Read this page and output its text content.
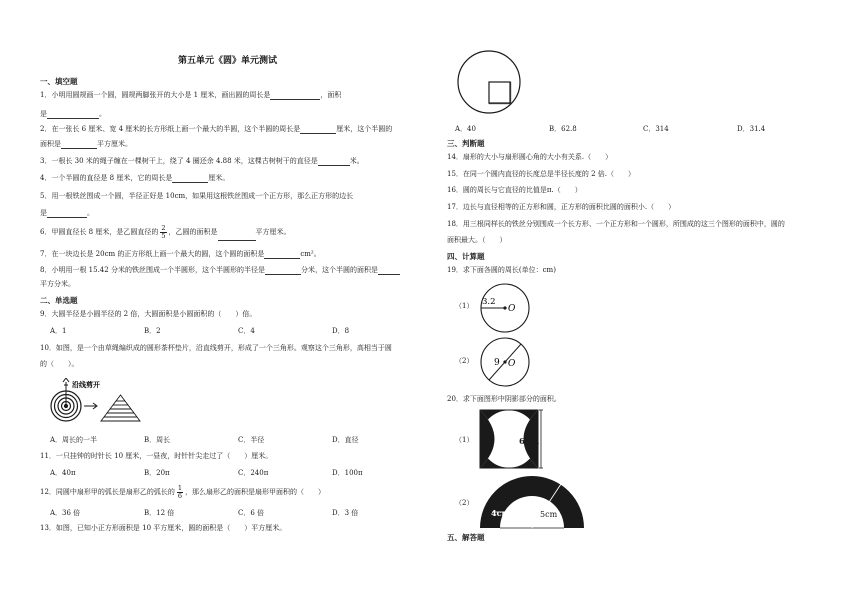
第五单元《圆》单元测试
一、填空题
1．小明用圆规画一个圆，圆规两脚张开的大小是 1 厘米，画出圆的周长是	，面积
是	。
2．在一张长 6 厘米、宽 4 厘米的长方形纸上画一个最大的半圆，这个半圆的周长是	厘米，这个半圆的
面积是	平方厘米。
3．一根长 30 米的绳子缠在一棵树干上，绕了 4 圈还余 4.88 米，这棵古树树干的直径是	米。
4．一个半圆的直径是 8 厘米，它的周长是	厘米。
5．用一根铁丝围成一个圆，半径正好是 10cm，如果用这根铁丝围成一个正方形，那么正方形的边长
是	。
6．甲圆直径长 8 厘米，是乙圆直径的 $\frac{2}{5}$ ，乙圆的面积是	平方厘米。
7．在一块边长是 20cm 的正方形纸上画一个最大的圆，这个圆的面积是	cm²。
8．小明用一根 15.42 分米的铁丝围成一个半圆形，这个半圆形的半径是	分米，这个半圆的面积是
平方分米。
二、单选题
9．大圆半径是小圆半径的 2 倍，大圆面积是小圆面积的（　　）倍。
A．1	B．2	C．4	D．8
10．如图，是一个由草绳编织成的圆形茶杯垫片，沿直线剪开，形成了一个三角形。观察这个三角形，高相当于圆
的（　　）。
沿线剪开
A．周长的一半	B．周长	C．半径	D．直径
11．一只挂钟的时针长 10 厘米，一昼夜，时针针尖走过了（　　）厘米。
A．40π	B．20π	C．240π	D．100π
12．同圆中扇形甲的弧长是扇形乙的弧长的 $\frac{1}{6}$ ，那么扇形乙的面积是扇形甲面积的（　　）
A．36 倍	B．12 倍	C．6 倍	D．3 倍
13．如图，已知小正方形面积是 10 平方厘米，圆的面积是（　　）平方厘米。
A．40	B．62.8	C．314	D．31.4
三、判断题
14．扇形的大小与扇形圆心角的大小有关系.（　　）
15．在同一个圆内直径的长度总是半径长度的 2 倍.（　　）
16．圆的周长与它直径的比值是π.（　　）
17．边长与直径相等的正方形和圆，正方形的面积比圆的面积小.（　　）
18．用三根同样长的铁丝分别围成一个长方形、一个正方形和一个圆形，所围成的这三个图形的面积中，圆的
面积最大。（　　）
四、计算题
19．求下面各圆的周长(单位：cm)
（1） 3.2
O
（2） 9 O
20．求下面图形中阴影部分的面积。
（1）	6cm
（2）
4cm	5cm
五、解答题
